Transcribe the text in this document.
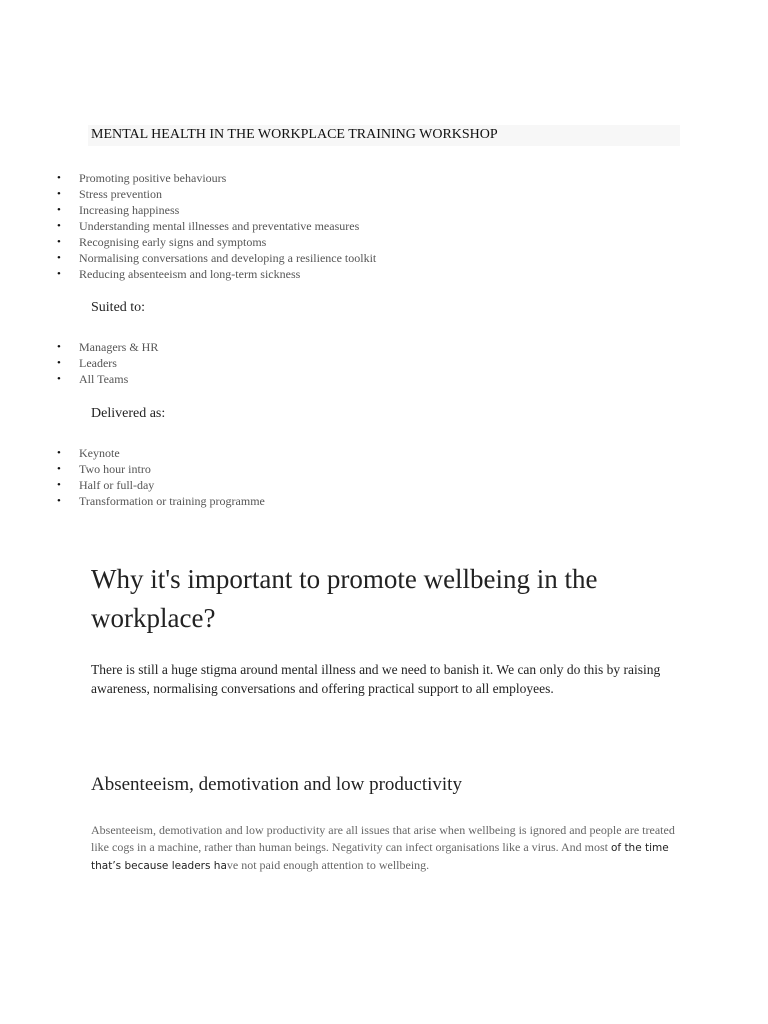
MENTAL HEALTH IN THE WORKPLACE TRAINING WORKSHOP
• Promoting positive behaviours
• Stress prevention
• Increasing happiness
• Understanding mental illnesses and preventative measures
• Recognising early signs and symptoms
• Normalising conversations and developing a resilience toolkit
• Reducing absenteeism and long-term sickness
Suited to:
• Managers & HR
• Leaders
• All Teams
Delivered as:
• Keynote
• Two hour intro
• Half or full-day
• Transformation or training programme
Why it's important to promote wellbeing in the workplace?
There is still a huge stigma around mental illness and we need to banish it. We can only do this by raising awareness, normalising conversations and offering practical support to all employees.
Absenteeism, demotivation and low productivity
Absenteeism, demotivation and low productivity are all issues that arise when wellbeing is ignored and people are treated like cogs in a machine, rather than human beings. Negativity can infect organisations like a virus. And most of the time that’s because leaders have not paid enough attention to wellbeing.
